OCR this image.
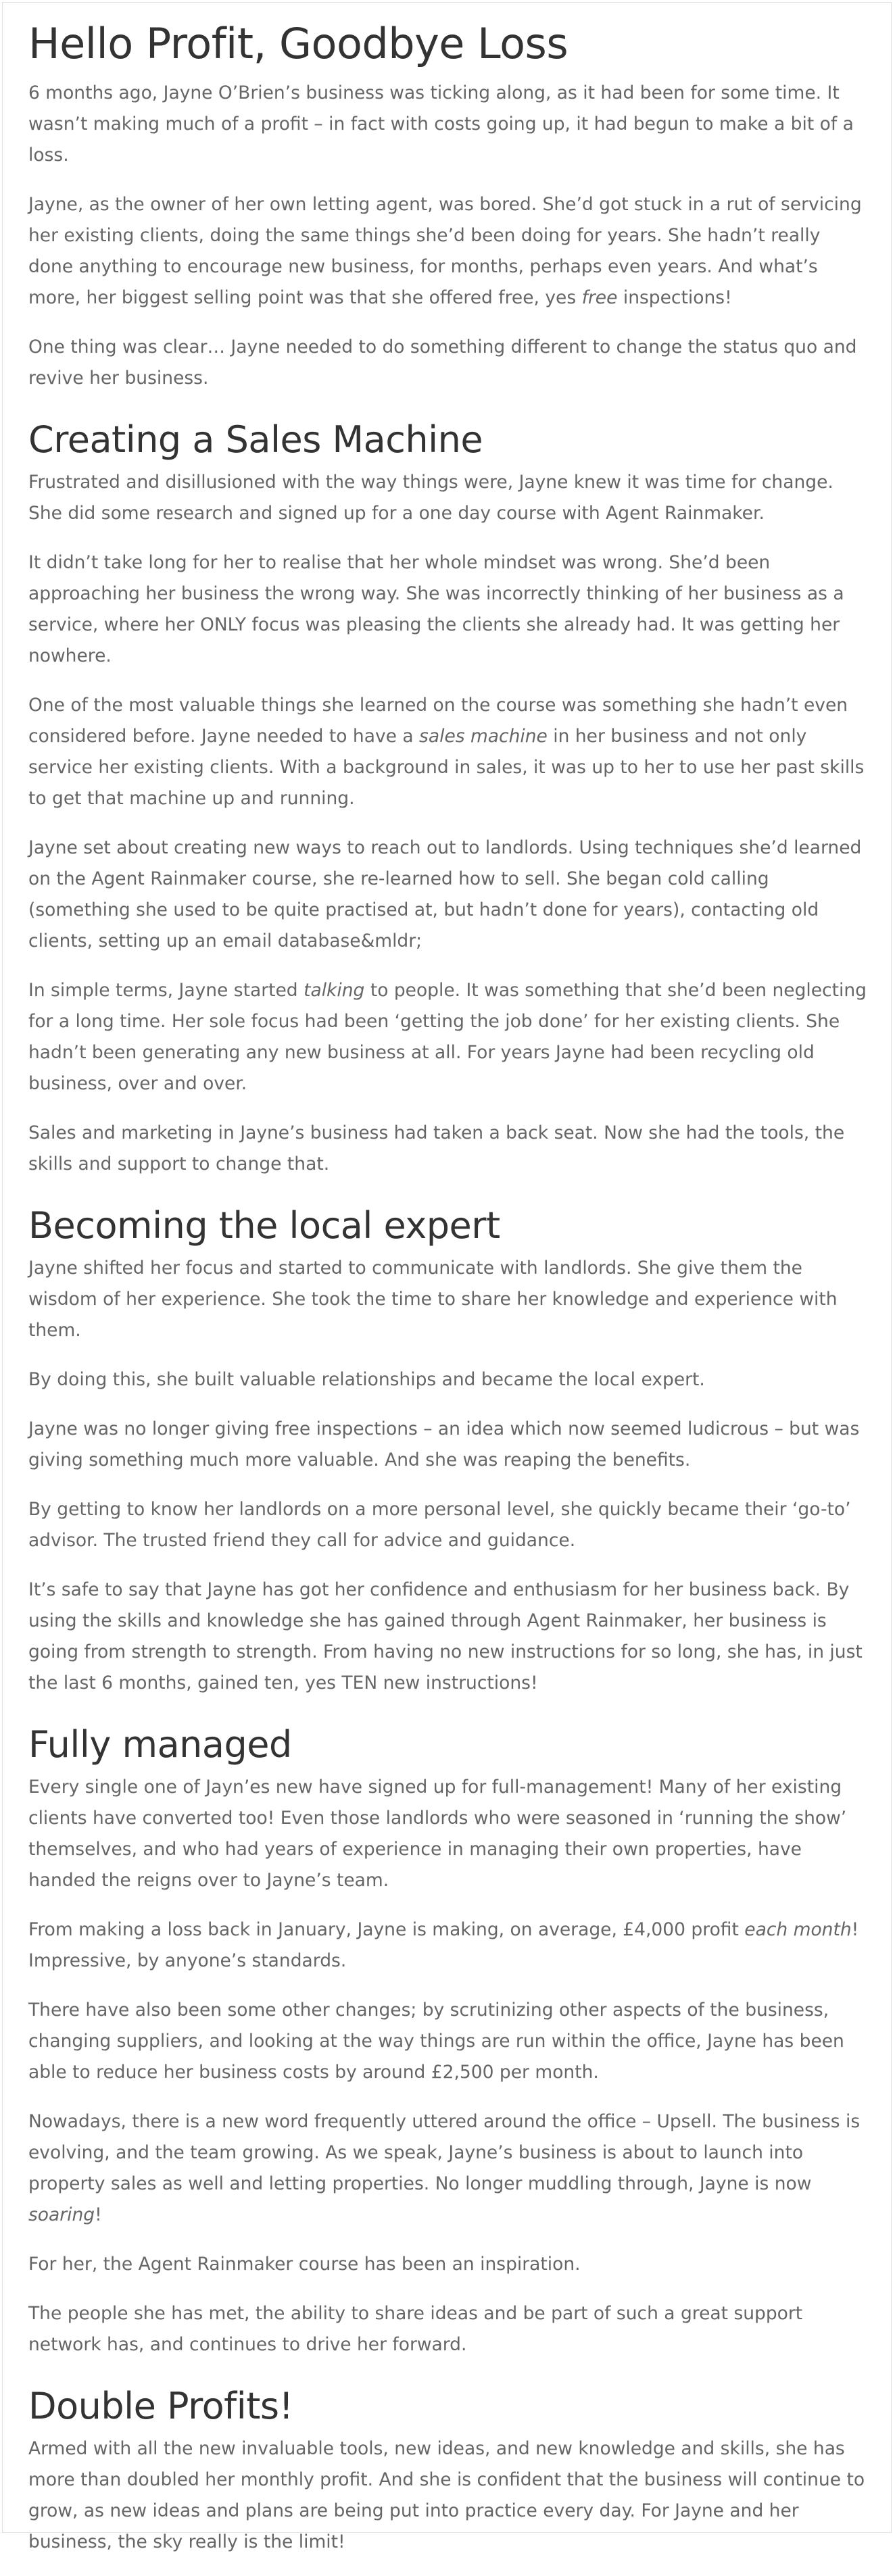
Hello Profit, Goodbye Loss

6 months ago, Jayne O’Brien’s business was ticking along, as it had been for some time. It wasn’t making much of a profit – in fact with costs going up, it had begun to make a bit of a loss.

Jayne, as the owner of her own letting agent, was bored. She’d got stuck in a rut of servicing her existing clients, doing the same things she’d been doing for years. She hadn’t really done anything to encourage new business, for months, perhaps even years. And what’s more, her biggest selling point was that she offered free, yes free inspections!

One thing was clear… Jayne needed to do something different to change the status quo and revive her business.

Creating a Sales Machine

Frustrated and disillusioned with the way things were, Jayne knew it was time for change. She did some research and signed up for a one day course with Agent Rainmaker.

It didn’t take long for her to realise that her whole mindset was wrong. She’d been approaching her business the wrong way. She was incorrectly thinking of her business as a service, where her ONLY focus was pleasing the clients she already had. It was getting her nowhere.

One of the most valuable things she learned on the course was something she hadn’t even considered before. Jayne needed to have a sales machine in her business and not only service her existing clients. With a background in sales, it was up to her to use her past skills to get that machine up and running.

Jayne set about creating new ways to reach out to landlords. Using techniques she’d learned on the Agent Rainmaker course, she re-learned how to sell. She began cold calling (something she used to be quite practised at, but hadn’t done for years), contacting old clients, setting up an email database&mldr;

In simple terms, Jayne started talking to people. It was something that she’d been neglecting for a long time. Her sole focus had been ‘getting the job done’ for her existing clients. She hadn’t been generating any new business at all. For years Jayne had been recycling old business, over and over.

Sales and marketing in Jayne’s business had taken a back seat. Now she had the tools, the skills and support to change that.

Becoming the local expert

Jayne shifted her focus and started to communicate with landlords. She give them the wisdom of her experience. She took the time to share her knowledge and experience with them.

By doing this, she built valuable relationships and became the local expert.

Jayne was no longer giving free inspections – an idea which now seemed ludicrous – but was giving something much more valuable. And she was reaping the benefits.

By getting to know her landlords on a more personal level, she quickly became their ‘go-to’ advisor. The trusted friend they call for advice and guidance.

It’s safe to say that Jayne has got her confidence and enthusiasm for her business back. By using the skills and knowledge she has gained through Agent Rainmaker, her business is going from strength to strength. From having no new instructions for so long, she has, in just the last 6 months, gained ten, yes TEN new instructions!

Fully managed

Every single one of Jayn’es new have signed up for full-management! Many of her existing clients have converted too! Even those landlords who were seasoned in ‘running the show’ themselves, and who had years of experience in managing their own properties, have handed the reigns over to Jayne’s team.

From making a loss back in January, Jayne is making, on average, £4,000 profit each month! Impressive, by anyone’s standards.

There have also been some other changes; by scrutinizing other aspects of the business, changing suppliers, and looking at the way things are run within the office, Jayne has been able to reduce her business costs by around £2,500 per month.

Nowadays, there is a new word frequently uttered around the office – Upsell. The business is evolving, and the team growing. As we speak, Jayne’s business is about to launch into property sales as well and letting properties. No longer muddling through, Jayne is now soaring!

For her, the Agent Rainmaker course has been an inspiration.

The people she has met, the ability to share ideas and be part of such a great support network has, and continues to drive her forward.

Double Profits!

Armed with all the new invaluable tools, new ideas, and new knowledge and skills, she has more than doubled her monthly profit. And she is confident that the business will continue to grow, as new ideas and plans are being put into practice every day. For Jayne and her business, the sky really is the limit!
